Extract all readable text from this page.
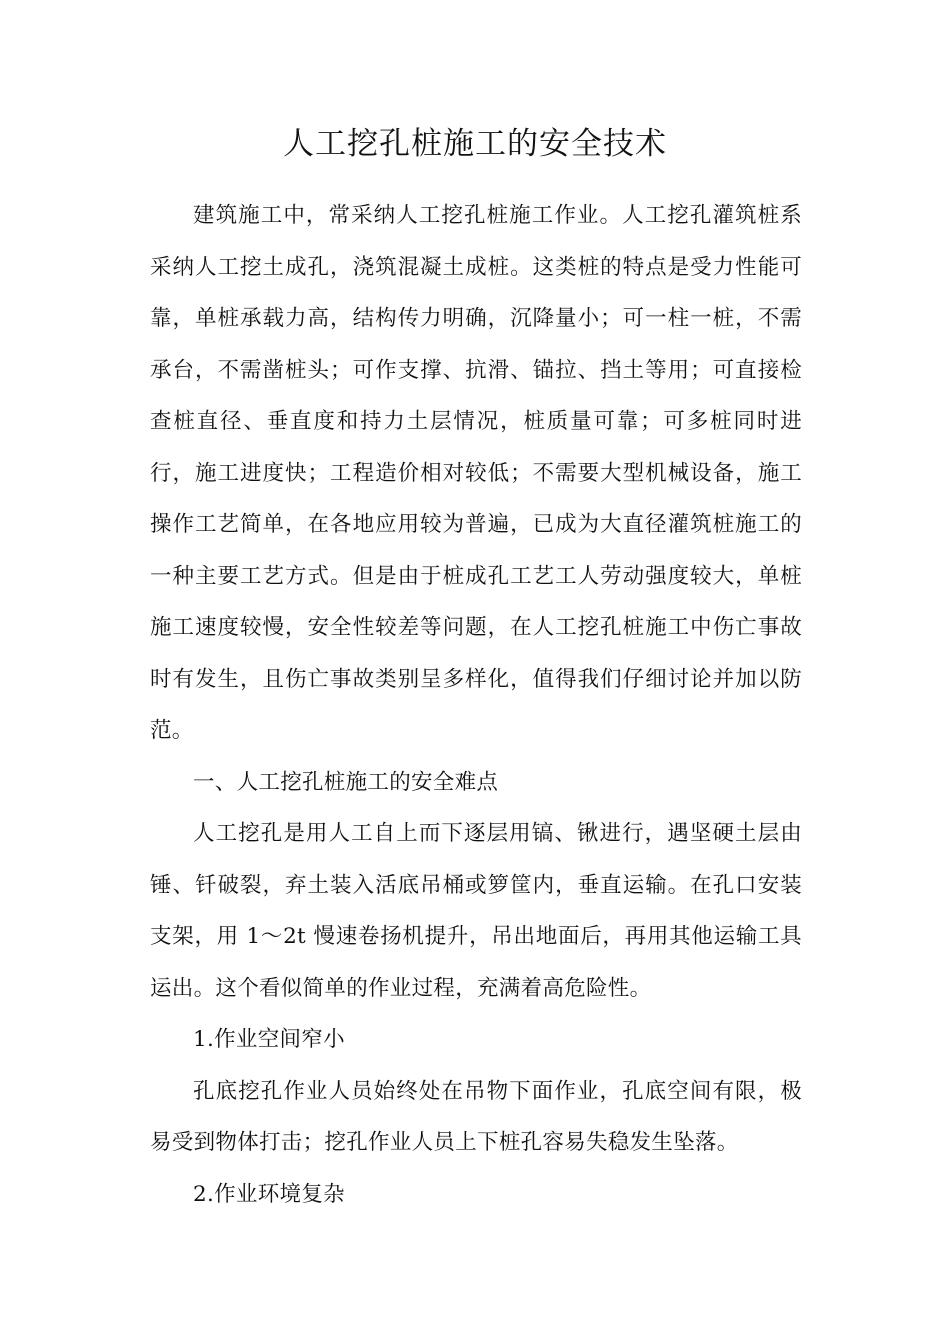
人工挖孔桩施工的安全技术

建筑施工中，常采纳人工挖孔桩施工作业。人工挖孔灌筑桩系采纳人工挖土成孔，浇筑混凝土成桩。这类桩的特点是受力性能可靠，单桩承载力高，结构传力明确，沉降量小；可一柱一桩，不需承台，不需凿桩头；可作支撑、抗滑、锚拉、挡土等用；可直接检查桩直径、垂直度和持力土层情况，桩质量可靠；可多桩同时进行，施工进度快；工程造价相对较低；不需要大型机械设备，施工操作工艺简单，在各地应用较为普遍，已成为大直径灌筑桩施工的一种主要工艺方式。但是由于桩成孔工艺工人劳动强度较大，单桩施工速度较慢，安全性较差等问题，在人工挖孔桩施工中伤亡事故时有发生，且伤亡事故类别呈多样化，值得我们仔细讨论并加以防范。

一、人工挖孔桩施工的安全难点

人工挖孔是用人工自上而下逐层用镐、锹进行，遇坚硬土层由锤、钎破裂，弃土装入活底吊桶或箩筐内，垂直运输。在孔口安装支架，用 1～2t 慢速卷扬机提升，吊出地面后，再用其他运输工具运出。这个看似简单的作业过程，充满着高危险性。

1.作业空间窄小

孔底挖孔作业人员始终处在吊物下面作业，孔底空间有限，极易受到物体打击；挖孔作业人员上下桩孔容易失稳发生坠落。

2.作业环境复杂
